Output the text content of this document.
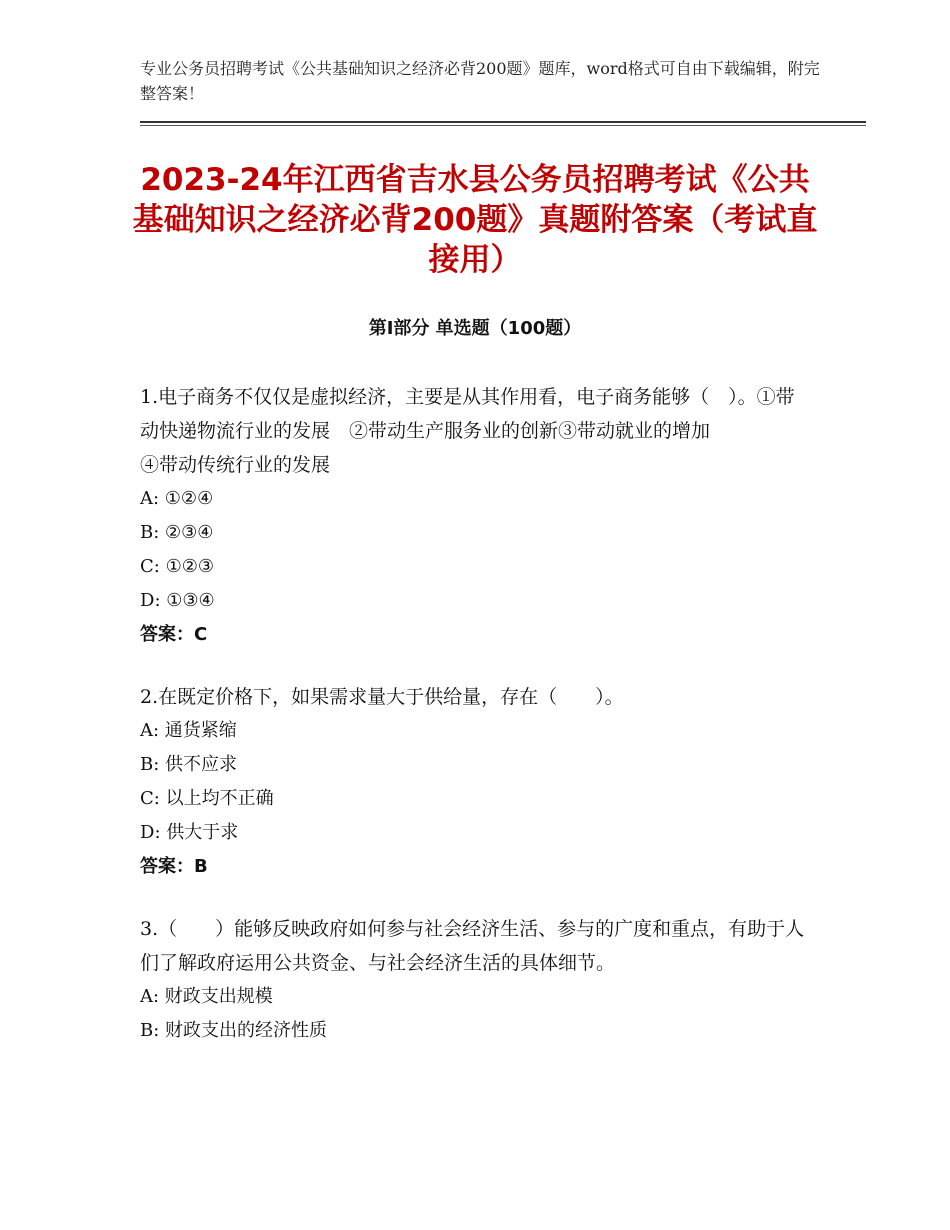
专业公务员招聘考试《公共基础知识之经济必背200题》题库，word格式可自由下载编辑，附完整答案！
2023-24年江西省吉水县公务员招聘考试《公共基础知识之经济必背200题》真题附答案（考试直接用）
第Ⅰ部分 单选题（100题）

1.电子商务不仅仅是虚拟经济，主要是从其作用看，电子商务能够（　）。①带动快递物流行业的发展　②带动生产服务业的创新③带动就业的增加　　　　　④带动传统行业的发展

A: ①②④

B: ②③④

C: ①②③

D: ①③④

答案：C

2.在既定价格下，如果需求量大于供给量，存在（　　）。

A: 通货紧缩

B: 供不应求

C: 以上均不正确

D: 供大于求

答案：B

3.（　　）能够反映政府如何参与社会经济生活、参与的广度和重点，有助于人们了解政府运用公共资金、与社会经济生活的具体细节。

A: 财政支出规模

B: 财政支出的经济性质
